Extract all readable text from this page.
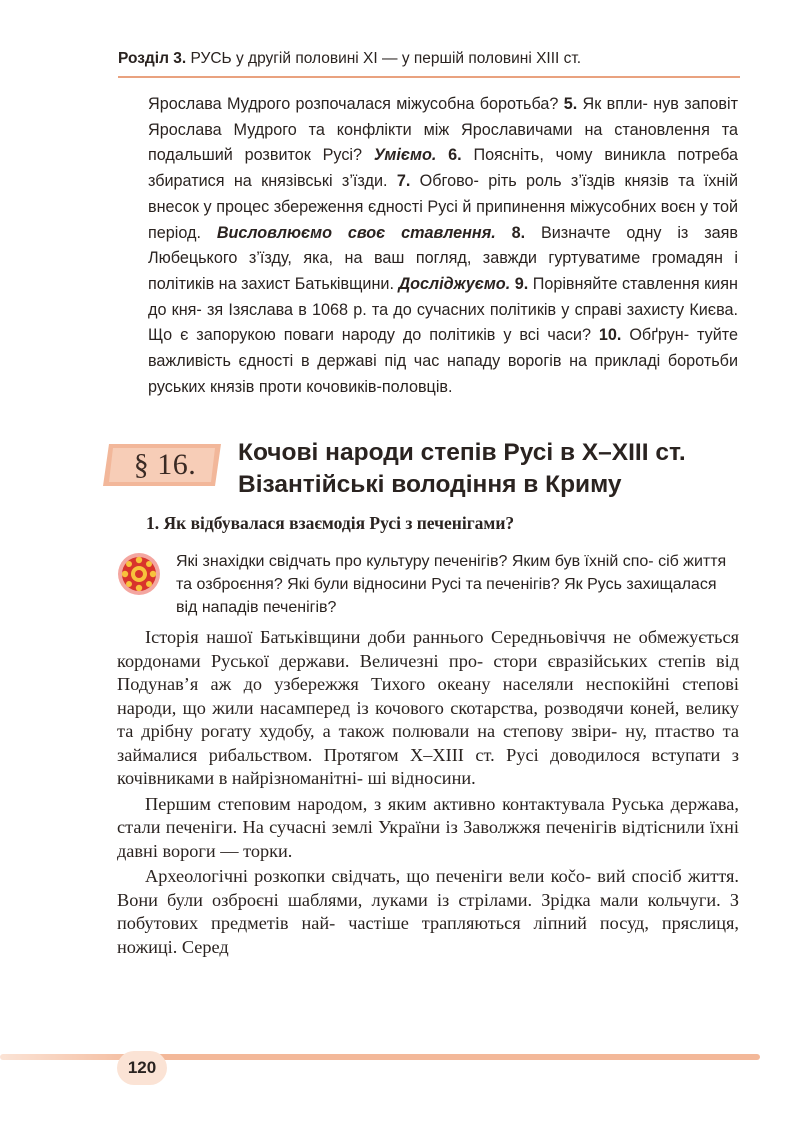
Розділ 3. РУСЬ у другій половині XI — у першій половині XIII ст.

Ярослава Мудрого розпочалася міжусобна боротьба? 5. Як впли- нув заповіт Ярослава Мудрого та конфлікти між Ярославичами на становлення та подальший розвиток Русі? Уміємо. 6. Поясніть, чому виникла потреба збиратися на князівські з’їзди. 7. Обгово- ріть роль з’їздів князів та їхній внесок у процес збереження єдності Русі й припинення міжусобних воєн у той період. Висловлюємо своє ставлення. 8. Визначте одну із заяв Любецького з’їзду, яка, на ваш погляд, завжди гуртуватиме громадян і політиків на захист Батьківщини. Досліджуємо. 9. Порівняйте ставлення киян до кня- зя Ізяслава в 1068 р. та до сучасних політиків у справі захисту Києва. Що є запорукою поваги народу до політиків у всі часи? 10. Обґрун- туйте важливість єдності в державі під час нападу ворогів на прикладі боротьби руських князів проти кочовиків-половців.

§ 16.	Кочові народи степів Русі в X–XIII ст.
Візантійські володіння в Криму
1. Як відбувалася взаємодія Русі з печенігами?

Які знахідки свідчать про культуру печенігів? Яким був їхній спо- сіб життя та озброєння? Які були відносини Русі та печенігів? Як Русь захищалася від нападів печенігів?

Історія нашої Батьківщини доби раннього Середньовіччя не обмежується кордонами Руської держави. Величезні про- стори євразійських степів від Подунав’я аж до узбережжя Тихого океану населяли неспокійні степові народи, що жили насамперед із кочового скотарства, розводячи коней, велику та дрібну рогату худобу, а також полювали на степову звіри- ну, птаство та займалися рибальством. Протягом X–XIII ст. Русі доводилося вступати з кочівниками в найрізноманітні- ші відносини.

Першим степовим народом, з яким активно контактувала Руська держава, стали печеніги. На сучасні землі України із Заволжжя печенігів відтіснили їхні давні вороги — торки.

Археологічні розкопки свідчать, що печеніги вели коčo- вий спосіб життя. Вони були озброєні шаблями, луками із стрілами. Зрідка мали кольчуги. З побутових предметів най- частіше трапляються ліпний посуд, пряслиця, ножиці. Серед

120
